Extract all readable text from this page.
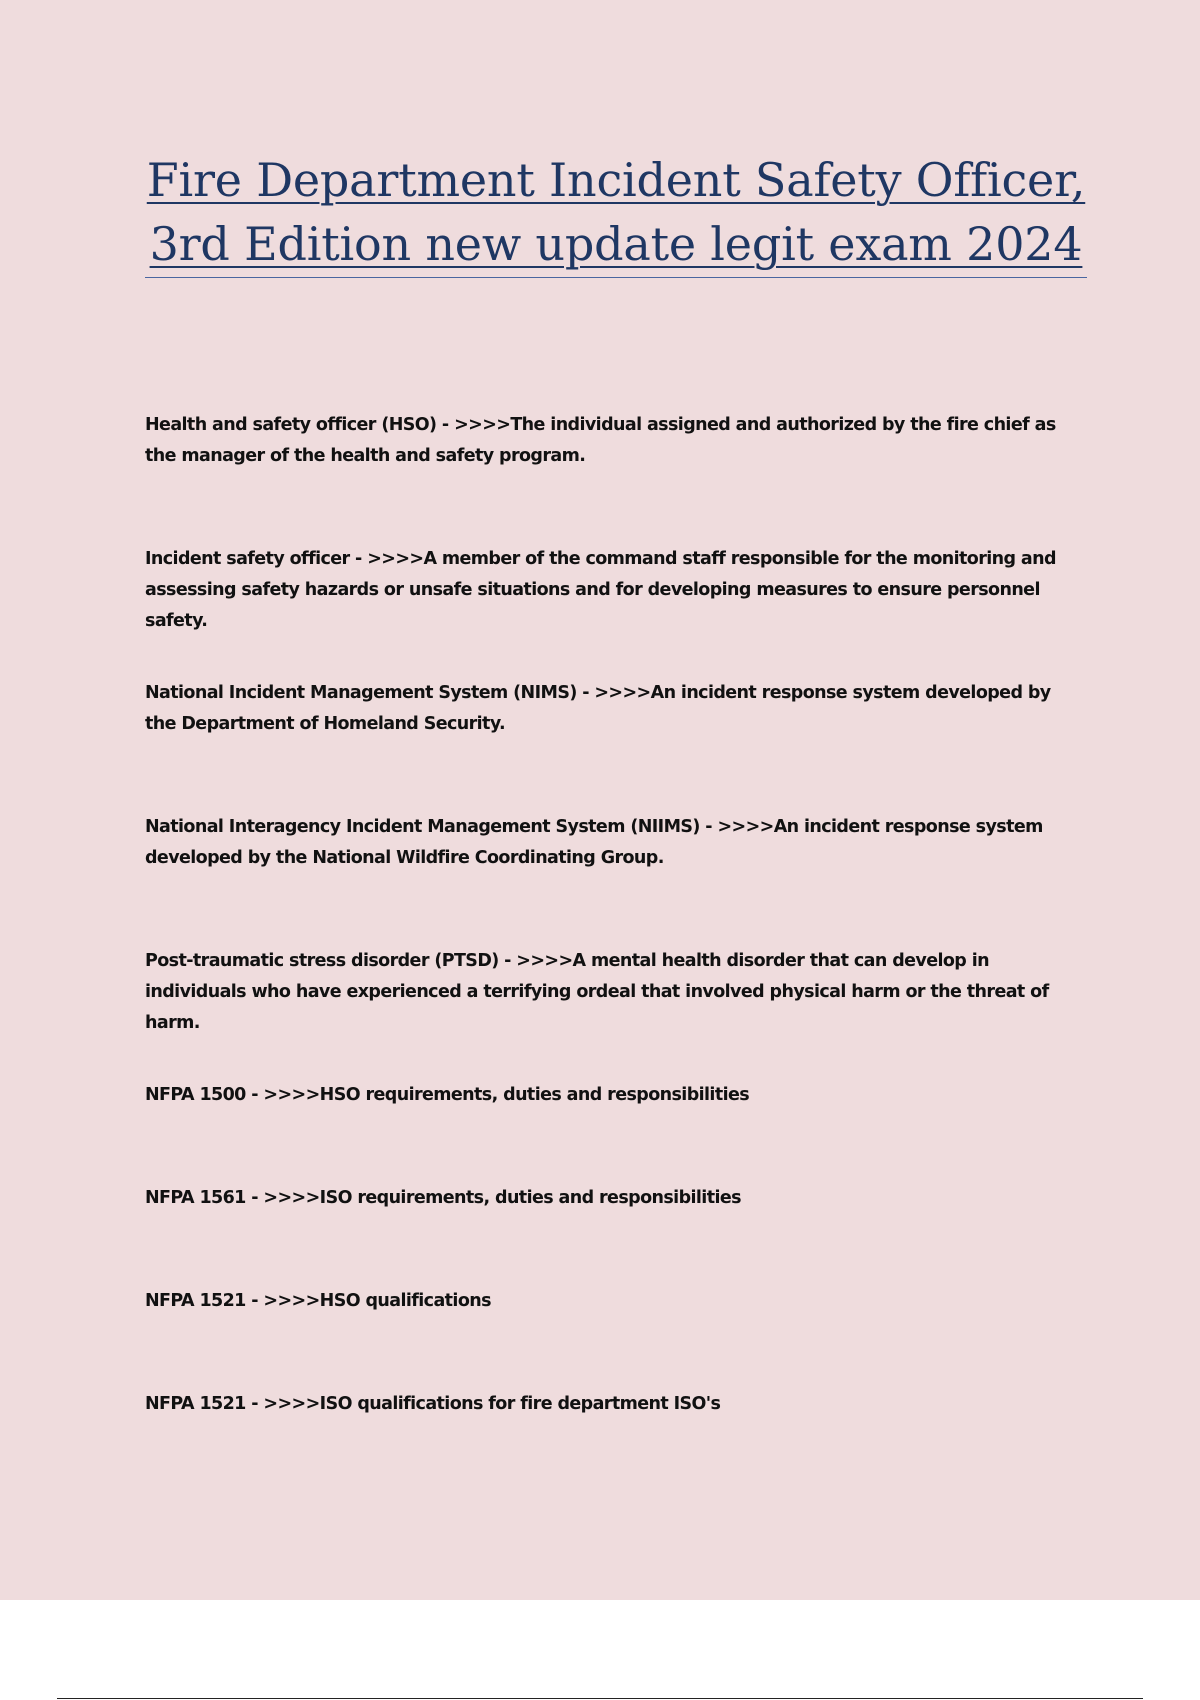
Fire Department Incident Safety Officer, 3rd Edition new update legit exam 2024
Health and safety officer (HSO) - >>>>The individual assigned and authorized by the fire chief as the manager of the health and safety program.
Incident safety officer - >>>>A member of the command staff responsible for the monitoring and assessing safety hazards or unsafe situations and for developing measures to ensure personnel safety.
National Incident Management System (NIMS) - >>>>An incident response system developed by the Department of Homeland Security.
National Interagency Incident Management System (NIIMS) - >>>>An incident response system developed by the National Wildfire Coordinating Group.
Post-traumatic stress disorder (PTSD) - >>>>A mental health disorder that can develop in individuals who have experienced a terrifying ordeal that involved physical harm or the threat of harm.
NFPA 1500 - >>>>HSO requirements, duties and responsibilities
NFPA 1561 - >>>>ISO requirements, duties and responsibilities
NFPA 1521 - >>>>HSO qualifications
NFPA 1521 - >>>>ISO qualifications for fire department ISO's
